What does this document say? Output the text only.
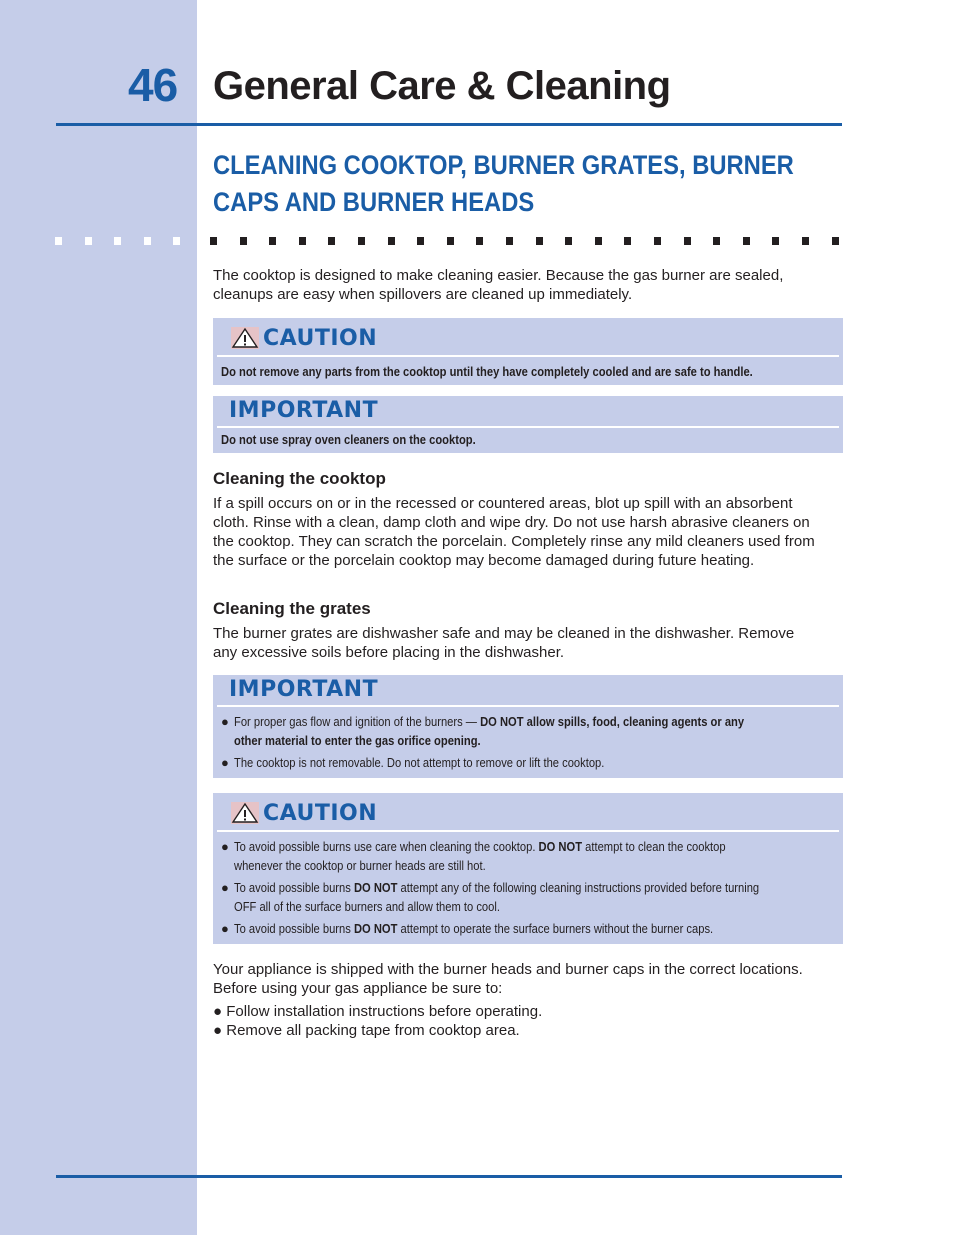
46 General Care & Cleaning
CLEANING COOKTOP, BURNER GRATES, BURNER
CAPS AND BURNER HEADS

The cooktop is designed to make cleaning easier. Because the gas burner are sealed,
cleanups are easy when spillovers are cleaned up immediately.

CAUTION

Do not remove any parts from the cooktop until they have completely cooled and are safe to handle.

IMPORTANT

Do not use spray oven cleaners on the cooktop.

Cleaning the cooktop

If a spill occurs on or in the recessed or countered areas, blot up spill with an absorbent
cloth. Rinse with a clean, damp cloth and wipe dry. Do not use harsh abrasive cleaners on
the cooktop. They can scratch the porcelain. Completely rinse any mild cleaners used from
the surface or the porcelain cooktop may become damaged during future heating.

Cleaning the grates

The burner grates are dishwasher safe and may be cleaned in the dishwasher. Remove
any excessive soils before placing in the dishwasher.

IMPORTANT
● For proper gas flow and ignition of the burners — DO NOT allow spills, food, cleaning agents or any
other material to enter the gas orifice opening.
● The cooktop is not removable. Do not attempt to remove or lift the cooktop.
CAUTION
● To avoid possible burns use care when cleaning the cooktop. DO NOT attempt to clean the cooktop
whenever the cooktop or burner heads are still hot.
● To avoid possible burns DO NOT attempt any of the following cleaning instructions provided before turning
OFF all of the surface burners and allow them to cool.
● To avoid possible burns DO NOT attempt to operate the surface burners without the burner caps.

Your appliance is shipped with the burner heads and burner caps in the correct locations.
Before using your gas appliance be sure to:

● Follow installation instructions before operating.
● Remove all packing tape from cooktop area.
